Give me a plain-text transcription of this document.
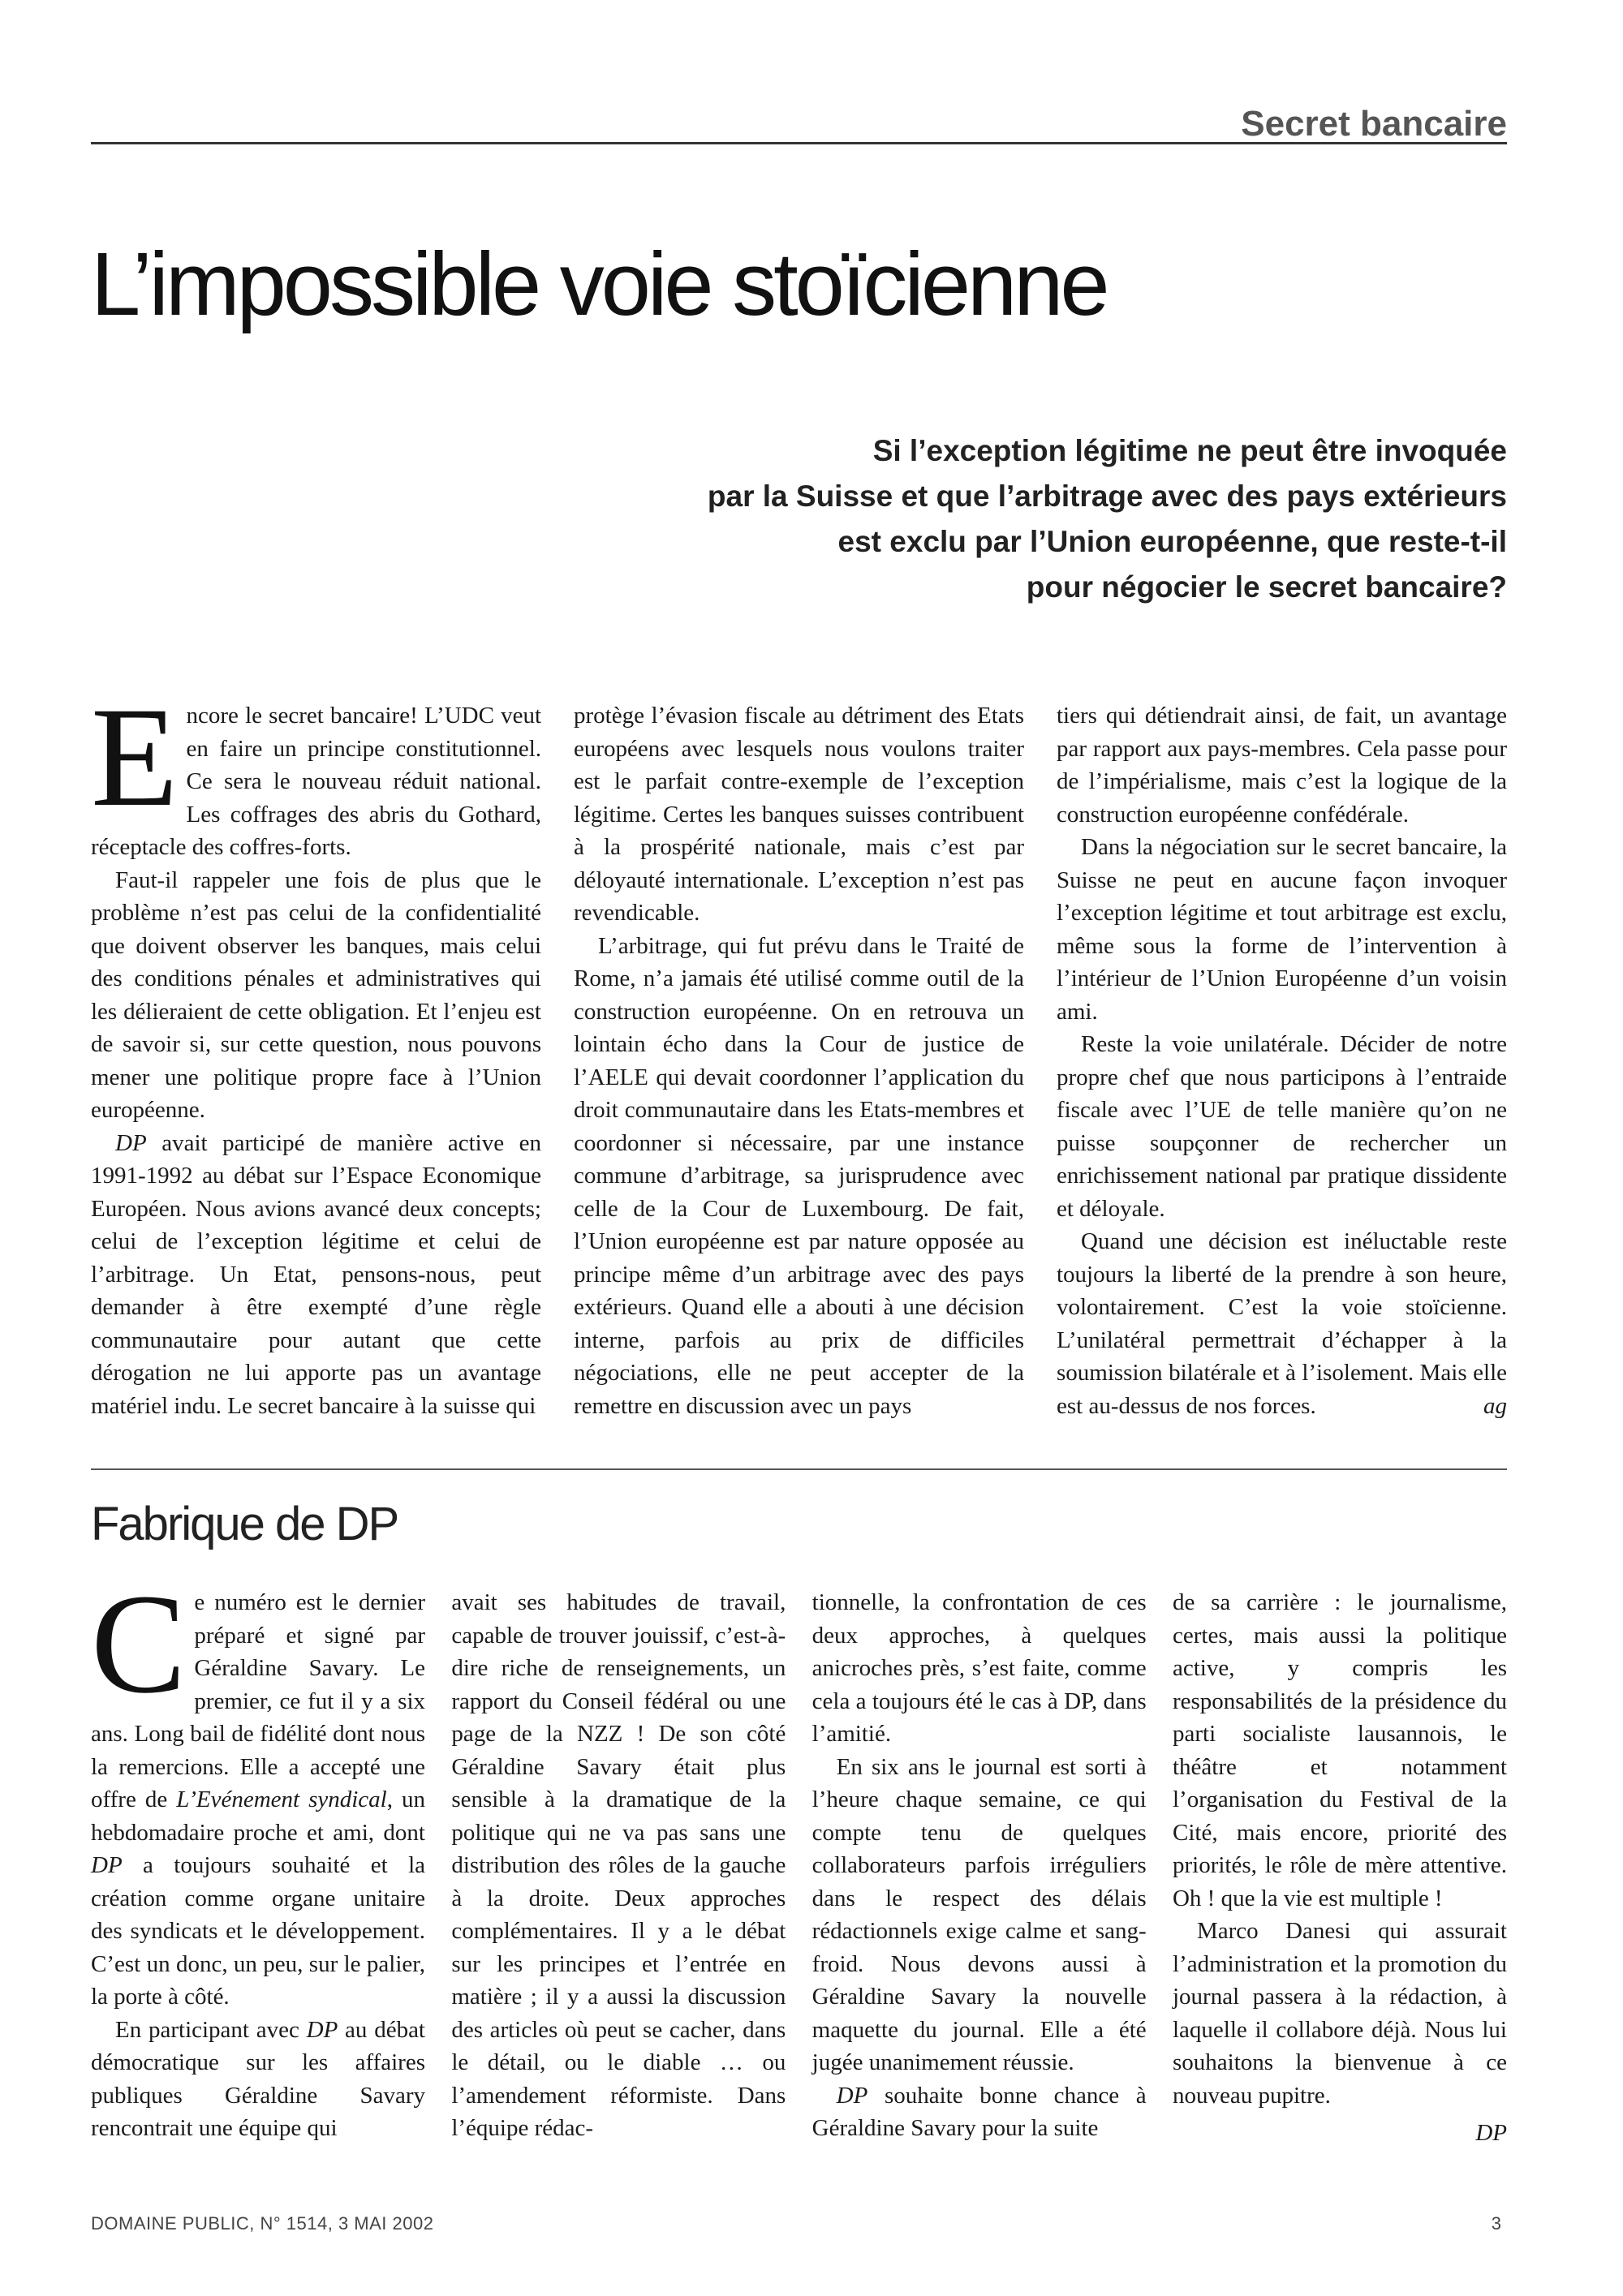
Secret bancaire
L’impossible voie stoïcienne
Si l’exception légitime ne peut être invoquée
par la Suisse et que l’arbitrage avec des pays extérieurs
est exclu par l’Union européenne, que reste-t-il
pour négocier le secret bancaire?

Encore le secret bancaire! L’UDC veut en faire un principe constitutionnel. Ce sera le nouveau réduit national. Les coffrages des abris du Gothard, réceptacle des coffres-forts.

Faut-il rappeler une fois de plus que le problème n’est pas celui de la confidentialité que doivent observer les banques, mais celui des conditions pénales et administratives qui les délieraient de cette obligation. Et l’enjeu est de savoir si, sur cette question, nous pouvons mener une politique propre face à l’Union européenne.

DP avait participé de manière active en 1991-1992 au débat sur l’Espace Economique Européen. Nous avions avancé deux concepts; celui de l’exception légitime et celui de l’arbitrage. Un Etat, pensons-nous, peut demander à être exempté d’une règle communautaire pour autant que cette dérogation ne lui apporte pas un avantage matériel indu. Le secret bancaire à la suisse qui

protège l’évasion fiscale au détriment des Etats européens avec lesquels nous voulons traiter est le parfait contre-exemple de l’exception légitime. Certes les banques suisses contribuent à la prospérité nationale, mais c’est par déloyauté internationale. L’exception n’est pas revendicable.

L’arbitrage, qui fut prévu dans le Traité de Rome, n’a jamais été utilisé comme outil de la construction européenne. On en retrouva un lointain écho dans la Cour de justice de l’AELE qui devait coordonner l’application du droit communautaire dans les Etats-membres et coordonner si nécessaire, par une instance commune d’arbitrage, sa jurisprudence avec celle de la Cour de Luxembourg. De fait, l’Union européenne est par nature opposée au principe même d’un arbitrage avec des pays extérieurs. Quand elle a abouti à une décision interne, parfois au prix de difficiles négociations, elle ne peut accepter de la remettre en discussion avec un pays

tiers qui détiendrait ainsi, de fait, un avantage par rapport aux pays-membres. Cela passe pour de l’impérialisme, mais c’est la logique de la construction européenne confédérale.

Dans la négociation sur le secret bancaire, la Suisse ne peut en aucune façon invoquer l’exception légitime et tout arbitrage est exclu, même sous la forme de l’intervention à l’intérieur de l’Union Européenne d’un voisin ami.

Reste la voie unilatérale. Décider de notre propre chef que nous participons à l’entraide fiscale avec l’UE de telle manière qu’on ne puisse soupçonner de rechercher un enrichissement national par pratique dissidente et déloyale.

Quand une décision est inéluctable reste toujours la liberté de la prendre à son heure, volontairement. C’est la voie stoïcienne. L’unilatéral permettrait d’échapper à la soumission bilatérale et à l’isolement. Mais elle est au-dessus de nos forces.	ag

Fabrique de DP

Ce numéro est le dernier préparé et signé par Géraldine Savary. Le premier, ce fut il y a six ans. Long bail de fidélité dont nous la remercions. Elle a accepté une offre de L’Evénement syndical, un hebdomadaire proche et ami, dont DP a toujours souhaité et la création comme organe unitaire des syndicats et le développement. C’est un donc, un peu, sur le palier, la porte à côté.

En participant avec DP au débat démocratique sur les affaires publiques Géraldine Savary rencontrait une équipe qui

avait ses habitudes de travail, capable de trouver jouissif, c’est-à-dire riche de renseignements, un rapport du Conseil fédéral ou une page de la NZZ ! De son côté Géraldine Savary était plus sensible à la dramatique de la politique qui ne va pas sans une distribution des rôles de la gauche à la droite. Deux approches complémentaires. Il y a le débat sur les principes et l’entrée en matière ; il y a aussi la discussion des articles où peut se cacher, dans le détail, ou le diable … ou l’amendement réformiste. Dans l’équipe rédac-

tionnelle, la confrontation de ces deux approches, à quelques anicroches près, s’est faite, comme cela a toujours été le cas à DP, dans l’amitié.

En six ans le journal est sorti à l’heure chaque semaine, ce qui compte tenu de quelques collaborateurs parfois irréguliers dans le respect des délais rédactionnels exige calme et sang-froid. Nous devons aussi à Géraldine Savary la nouvelle maquette du journal. Elle a été jugée unanimement réussie.

DP souhaite bonne chance à Géraldine Savary pour la suite

de sa carrière : le journalisme, certes, mais aussi la politique active, y compris les responsabilités de la présidence du parti socialiste lausannois, le théâtre et notamment l’organisation du Festival de la Cité, mais encore, priorité des priorités, le rôle de mère attentive. Oh ! que la vie est multiple !

Marco Danesi qui assurait l’administration et la promotion du journal passera à la rédaction, à laquelle il collabore déjà. Nous lui souhaitons la bienvenue à ce nouveau pupitre.

DP
DOMAINE PUBLIC, N° 1514, 3 MAI 2002	3
